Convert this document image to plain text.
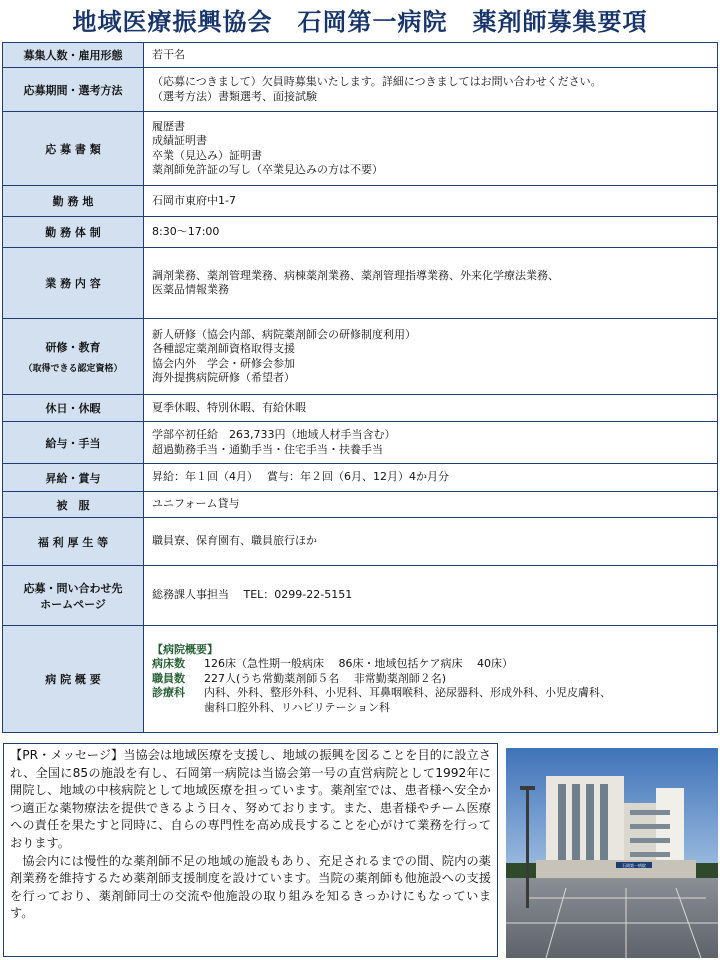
地域医療振興協会　石岡第一病院　薬剤師募集要項
募集人数・雇用形態	若干名
応募期間・選考方法	（応募につきまして）欠員時募集いたします。詳細につきましてはお問い合わせください。
（選考方法）書類選考、面接試験

応 募 書 類	履歴書
成績証明書
卒業（見込み）証明書
薬剤師免許証の写し（卒業見込みの方は不要）

勤 務 地	石岡市東府中1-7
勤 務 体 制	8:30～17:00
業 務 内 容	調剤業務、薬剤管理業務、病棟薬剤業務、薬剤管理指導業務、外来化学療法業務、
医薬品情報業務

研修・教育
（取得できる認定資格）	新人研修（協会内部、病院薬剤師会の研修制度利用）
各種認定薬剤師資格取得支援
協会内外　学会・研修会参加
海外提携病院研修（希望者）

休日・休暇	夏季休暇、特別休暇、有給休暇
給与・手当	学部卒初任給　263,733円（地域人材手当含む）
超過勤務手当・通勤手当・住宅手当・扶養手当

昇給・賞与	昇給：年１回（4月）　 賞与：年２回（6月、12月）4か月分
被　服	ユニフォーム貸与
福 利 厚 生 等	職員寮、保育園有、職員旅行ほか

応募・問い合わせ先
ホームページ	総務課人事担当　 TEL：0299-22-5151
病 院 概 要	【病院概要】
病床数 126床（急性期一般病床　 86床・地域包括ケア病床　 40床）
職員数 227人(うち常勤薬剤師５名　 非常勤薬剤師２名)
診療科 内科、外科、整形外科、小児科、耳鼻咽喉科、泌尿器科、形成外科、小児皮膚科、
歯科口腔外科、リハビリテーション科

【PR・メッセージ】当協会は地域医療を支援し、地域の振興を図ることを目的に設立され、全国に85の施設を有し、石岡第一病院は当協会第一号の直営病院として1992年に開院し、地域の中核病院として地域医療を担っています。薬剤室では、患者様へ安全かつ適正な薬物療法を提供できるよう日々、努めております。また、患者様やチーム医療への責任を果たすと同時に、自らの専門性を高め成長することを心がけて業務を行っております。

　協会内には慢性的な薬剤師不足の地域の施設もあり、充足されるまでの間、院内の薬剤業務を維持するため薬剤師支援制度を設けています。当院の薬剤師も他施設への支援を行っており、薬剤師同士の交流や他施設の取り組みを知るきっかけにもなっています。

石岡第一病院
